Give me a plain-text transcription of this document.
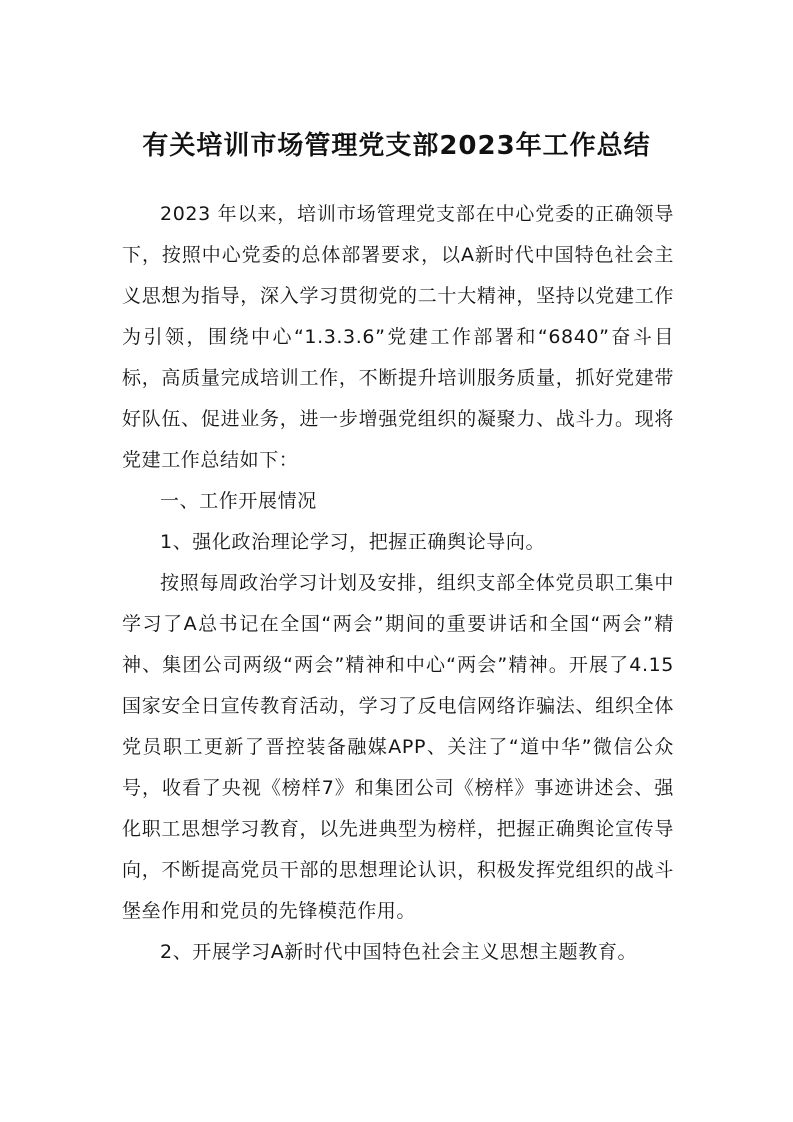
有关培训市场管理党支部2023年工作总结

2023 年以来，培训市场管理党支部在中心党委的正确领导下，按照中心党委的总体部署要求，以A新时代中国特色社会主义思想为指导，深入学习贯彻党的二十大精神，坚持以党建工作为引领，围绕中心“1.3.3.6”党建工作部署和“6840”奋斗目标，高质量完成培训工作，不断提升培训服务质量，抓好党建带好队伍、促进业务，进一步增强党组织的凝聚力、战斗力。现将党建工作总结如下：

一、工作开展情况

1、强化政治理论学习，把握正确舆论导向。

按照每周政治学习计划及安排，组织支部全体党员职工集中学习了A总书记在全国“两会”期间的重要讲话和全国“两会”精神、集团公司两级“两会”精神和中心“两会”精神。开展了4.15国家安全日宣传教育活动，学习了反电信网络诈骗法、组织全体党员职工更新了晋控装备融媒APP、关注了“道中华”微信公众号，收看了央视《榜样7》和集团公司《榜样》事迹讲述会、强化职工思想学习教育，以先进典型为榜样，把握正确舆论宣传导向，不断提高党员干部的思想理论认识，积极发挥党组织的战斗堡垒作用和党员的先锋模范作用。

2、开展学习A新时代中国特色社会主义思想主题教育。
